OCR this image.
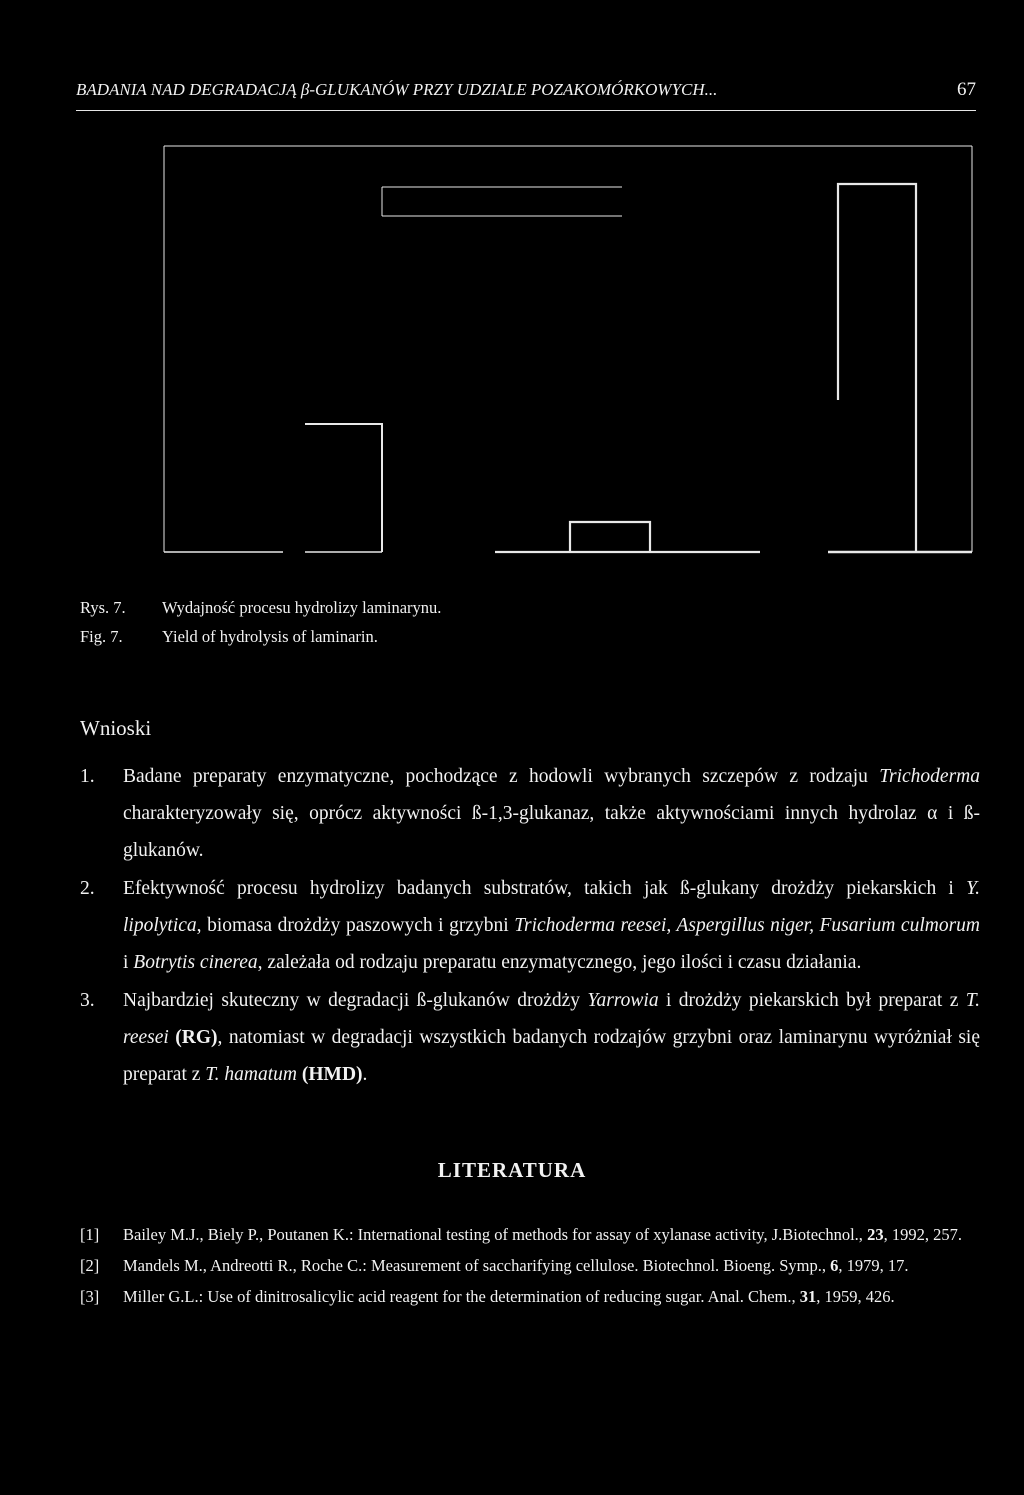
BADANIA NAD DEGRADACJĄ β-GLUKANÓW PRZY UDZIALE POZAKOMÓRKOWYCH...	67
Rys. 7.	Wydajność procesu hydrolizy laminarynu.
Fig. 7.	Yield of hydrolysis of laminarin.
Wnioski
1. Badane preparaty enzymatyczne, pochodzące z hodowli wybranych szczepów z rodzaju Trichoderma charakteryzowały się, oprócz aktywności ß-1,3-glukanaz, także aktywnościami innych hydrolaz α i ß-glukanów.
2. Efektywność procesu hydrolizy badanych substratów, takich jak ß-glukany drożdży piekarskich i Y. lipolytica, biomasa drożdży paszowych i grzybni Trichoderma reesei, Aspergillus niger, Fusarium culmorum i Botrytis cinerea, zależała od rodzaju preparatu enzymatycznego, jego ilości i czasu działania.
3. Najbardziej skuteczny w degradacji ß-glukanów drożdży Yarrowia i drożdży piekarskich był preparat z T. reesei (RG), natomiast w degradacji wszystkich badanych rodzajów grzybni oraz laminarynu wyróżniał się preparat z T. hamatum (HMD).
LITERATURA
[1] Bailey M.J., Biely P., Poutanen K.: International testing of methods for assay of xylanase activity, J.Biotechnol., 23, 1992, 257.
[2] Mandels M., Andreotti R., Roche C.: Measurement of saccharifying cellulose. Biotechnol. Bioeng. Symp., 6, 1979, 17.
[3] Miller G.L.: Use of dinitrosalicylic acid reagent for the determination of reducing sugar. Anal. Chem., 31, 1959, 426.
